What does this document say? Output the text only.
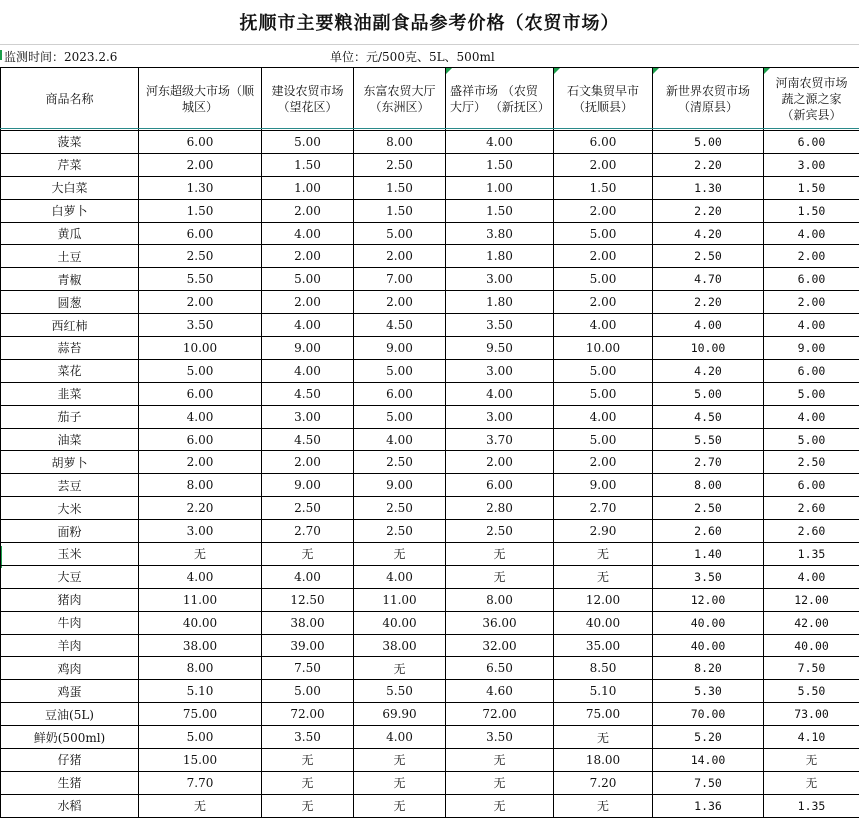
抚顺市主要粮油副食品参考价格（农贸市场）
监测时间：2023.2.6	单位：元/500克、5L、500ml
商品名称	河东超级大市场（顺城区）	建设农贸市场（望花区）	东富农贸大厅（东洲区）	盛祥市场 （农贸大厅） （新抚区）	石文集贸早市（抚顺县）	新世界农贸市场（清原县）	河南农贸市场蔬之源之家（新宾县）

菠菜	6.00	5.00	8.00	4.00	6.00	5.00	6.00
芹菜	2.00	1.50	2.50	1.50	2.00	2.20	3.00
大白菜	1.30	1.00	1.50	1.00	1.50	1.30	1.50
白萝卜	1.50	2.00	1.50	1.50	2.00	2.20	1.50
黄瓜	6.00	4.00	5.00	3.80	5.00	4.20	4.00
土豆	2.50	2.00	2.00	1.80	2.00	2.50	2.00
青椒	5.50	5.00	7.00	3.00	5.00	4.70	6.00
圆葱	2.00	2.00	2.00	1.80	2.00	2.20	2.00
西红柿	3.50	4.00	4.50	3.50	4.00	4.00	4.00
蒜苔	10.00	9.00	9.00	9.50	10.00	10.00	9.00
菜花	5.00	4.00	5.00	3.00	5.00	4.20	6.00
韭菜	6.00	4.50	6.00	4.00	5.00	5.00	5.00
茄子	4.00	3.00	5.00	3.00	4.00	4.50	4.00
油菜	6.00	4.50	4.00	3.70	5.00	5.50	5.00
胡萝卜	2.00	2.00	2.50	2.00	2.00	2.70	2.50
芸豆	8.00	9.00	9.00	6.00	9.00	8.00	6.00
大米	2.20	2.50	2.50	2.80	2.70	2.50	2.60
面粉	3.00	2.70	2.50	2.50	2.90	2.60	2.60
玉米	无	无	无	无	无	1.40	1.35
大豆	4.00	4.00	4.00	无	无	3.50	4.00
猪肉	11.00	12.50	11.00	8.00	12.00	12.00	12.00
牛肉	40.00	38.00	40.00	36.00	40.00	40.00	42.00
羊肉	38.00	39.00	38.00	32.00	35.00	40.00	40.00
鸡肉	8.00	7.50	无	6.50	8.50	8.20	7.50
鸡蛋	5.10	5.00	5.50	4.60	5.10	5.30	5.50
豆油(5L)	75.00	72.00	69.90	72.00	75.00	70.00	73.00
鲜奶(500ml)	5.00	3.50	4.00	3.50	无	5.20	4.10
仔猪	15.00	无	无	无	18.00	14.00	无
生猪	7.70	无	无	无	7.20	7.50	无
水稻	无	无	无	无	无	1.36	1.35
